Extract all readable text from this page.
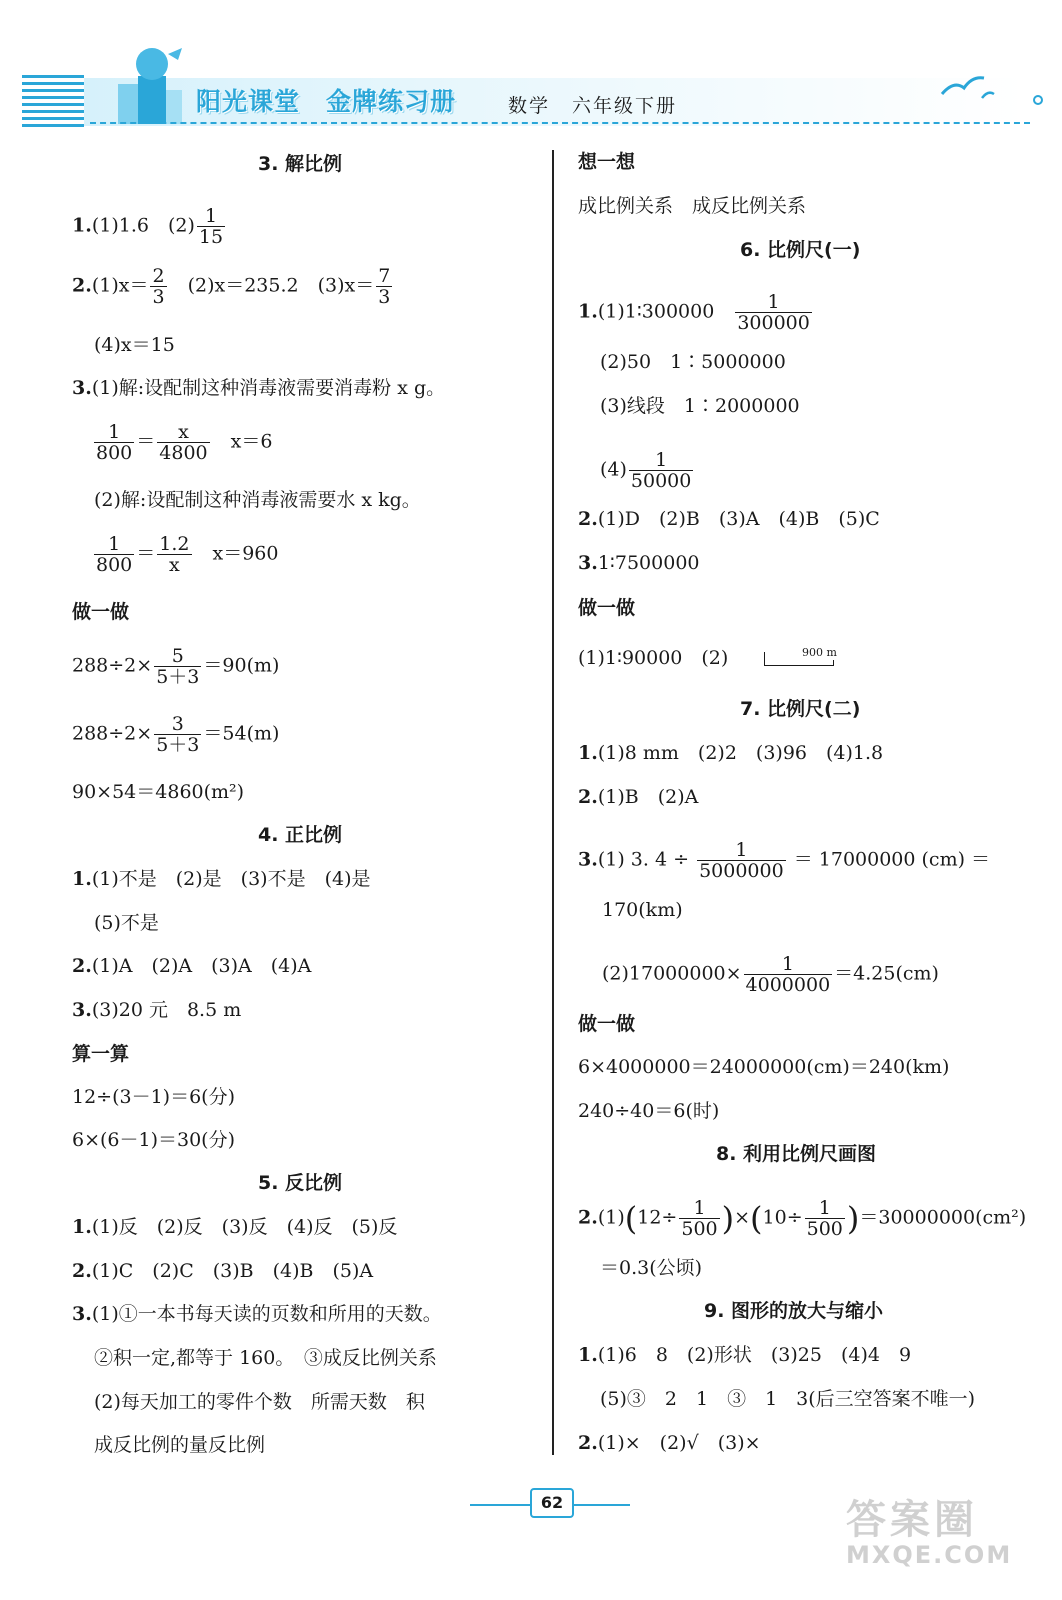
阳光课堂 金牌练习册	数学 六年级下册
3. 解比例
1.(1)1.6　$(2) \frac{1}{15}$
$2.(1)x= \frac{2}{3}$ 　(2)x＝235.2　$(3)x= \frac{7}{3}$
(4)x＝15
3.(1)解:设配制这种消毒液需要消毒粉 x g。
$\frac{1}{800} = \frac{x}{4800}$ 　x＝6
(2)解:设配制这种消毒液需要水 x kg。
$\frac{1}{800} = \frac{1.2}{x}$ 　x＝960
做一做
$288\div 2\times \frac{5}{5+3} =90(m)$
$288\div 2\times \frac{3}{5+3} =54(m)$
90×54＝4860(m²)
4. 正比例
1.(1)不是　(2)是　(3)不是　(4)是
(5)不是
2.(1)A　(2)A　(3)A　(4)A
3.(3)20 元　8.5 m
算一算
12÷(3－1)＝6(分)
6×(6－1)＝30(分)
5. 反比例
1.(1)反　(2)反　(3)反　(4)反　(5)反
2.(1)C　(2)C　(3)B　(4)B　(5)A
3.(1)①一本书每天读的页数和所用的天数。
②积一定,都等于 160。　③成反比例关系
(2)每天加工的零件个数　所需天数　积
成反比例的量反比例
想一想
成比例关系　成反比例关系
6. 比例尺(一)
1.(1)1∶300000　 $\frac{1}{300000}$
(2)50　1∶5000000
(3)线段　1∶2000000
$(4) \frac{1}{50000}$
2.(1)D　(2)B　(3)A　(4)B　(5)C
3.1∶7500000
做一做
(1)1∶90000　(2)	900 m
7. 比例尺(二)
1.(1)8 mm　(2)2　(3)96　(4)1.8
2.(1)B　(2)A
3.(1) 3. $4 \div \frac{1}{5000000} = 17000000$ (cm) ＝
170(km)
$(2)17000000\times \frac{1}{4000000} =4.25(cm)$
做一做
6×4000000＝24000000(cm)＝240(km)
240÷40＝6(时)
8. 利用比例尺画图
$2.(1)(12\div \frac{1}{500} )\times(10\div \frac{1}{500} )=30000000(cm^2)$
＝0.3(公顷)
9. 图形的放大与缩小
1.(1)6　8　(2)形状　(3)25　(4)4　9
(5)③　2　1　③　1　3(后三空答案不唯一)
2.(1)×　(2)√　(3)×
62	答案圈
MXQE.COM
